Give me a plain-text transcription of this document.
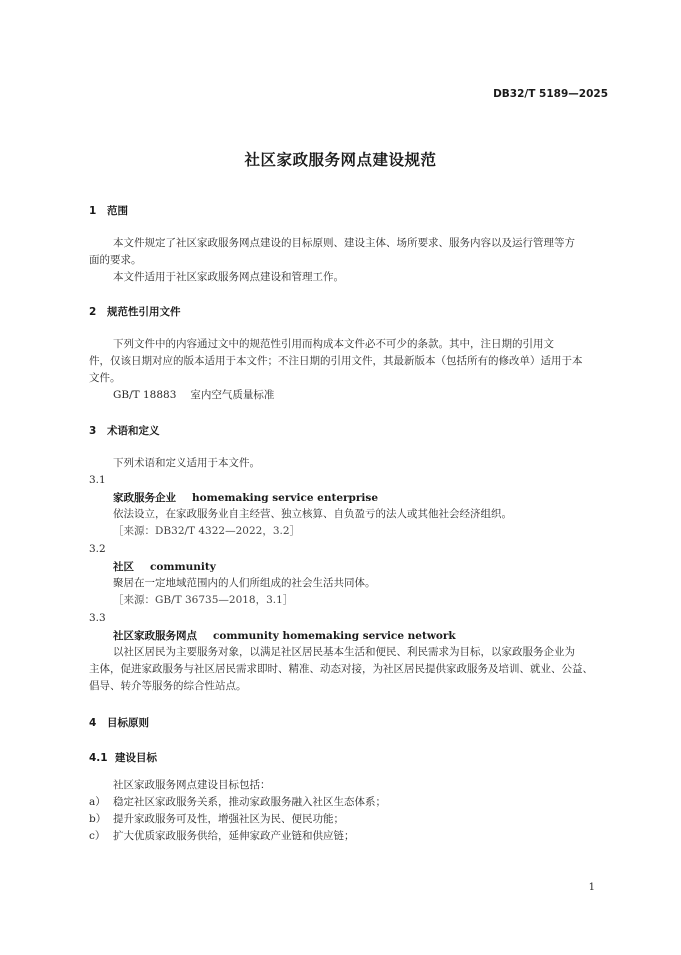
DB32/T 5189—2025
社区家政服务网点建设规范
1 范围
本文件规定了社区家政服务网点建设的目标原则、建设主体、场所要求、服务内容以及运行管理等方
面的要求。
本文件适用于社区家政服务网点建设和管理工作。
2 规范性引用文件
下列文件中的内容通过文中的规范性引用而构成本文件必不可少的条款。其中，注日期的引用文
件，仅该日期对应的版本适用于本文件；不注日期的引用文件，其最新版本（包括所有的修改单）适用于本
文件。
GB/T 18883 室内空气质量标准
3 术语和定义
下列术语和定义适用于本文件。
3.1
家政服务企业 homemaking service enterprise
依法设立，在家政服务业自主经营、独立核算、自负盈亏的法人或其他社会经济组织。
［来源：DB32/T 4322—2022，3.2］
3.2
社区 community
聚居在一定地域范围内的人们所组成的社会生活共同体。
［来源：GB/T 36735—2018，3.1］
3.3
社区家政服务网点 community homemaking service network
以社区居民为主要服务对象，以满足社区居民基本生活和便民、利民需求为目标，以家政服务企业为
主体，促进家政服务与社区居民需求即时、精准、动态对接，为社区居民提供家政服务及培训、就业、公益、
倡导、转介等服务的综合性站点。
4 目标原则
4.1 建设目标
社区家政服务网点建设目标包括：
a） 稳定社区家政服务关系，推动家政服务融入社区生态体系；
b） 提升家政服务可及性，增强社区为民、便民功能；
c） 扩大优质家政服务供给，延伸家政产业链和供应链；
1
